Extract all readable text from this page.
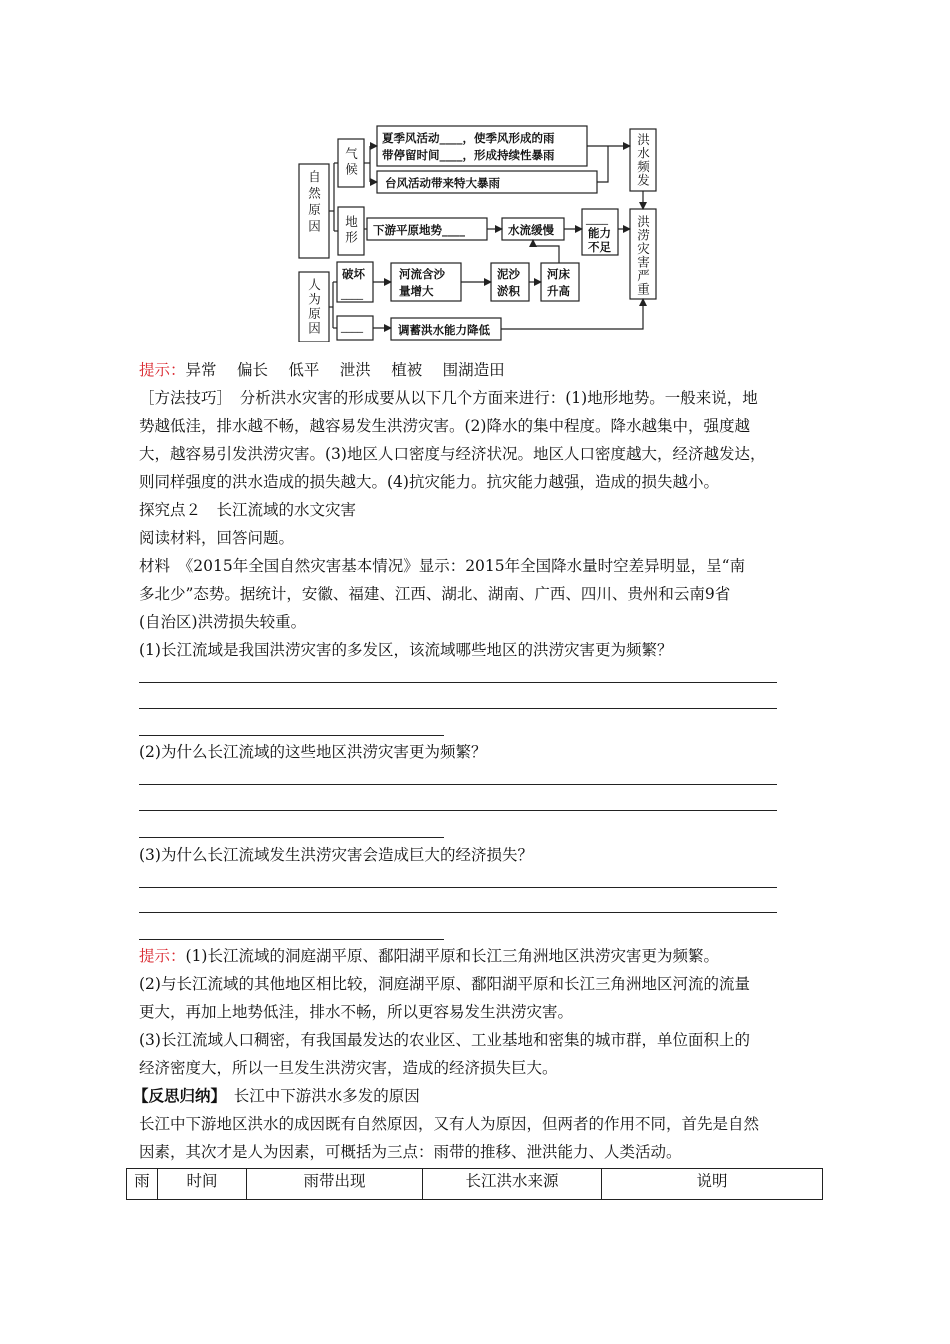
自然原因
人为原因
气候
地形
洪水频发
洪涝灾害严重
夏季风活动____，使季风形成的雨
带停留时间____，形成持续性暴雨
台风活动带来特大暴雨
下游平原地势____	水流缓慢
____
能力
不足
破坏
____
河流含沙
量增大
泥沙
淤积
河床
升高
____	调蓄洪水能力降低
提示：异常　 偏长　 低平　 泄洪　 植被　 围湖造田
［方法技巧］　分析洪水灾害的形成要从以下几个方面来进行：(1)地形地势。一般来说，地
势越低洼，排水越不畅，越容易发生洪涝灾害。(2)降水的集中程度。降水越集中，强度越
大，越容易引发洪涝灾害。(3)地区人口密度与经济状况。地区人口密度越大，经济越发达，
则同样强度的洪水造成的损失越大。(4)抗灾能力。抗灾能力越强，造成的损失越小。
探究点２　长江流域的水文灾害
阅读材料，回答问题。
材料　《2015年全国自然灾害基本情况》显示：2015年全国降水量时空差异明显，呈“南
多北少”态势。据统计，安徽、福建、江西、湖北、湖南、广西、四川、贵州和云南9省
(自治区)洪涝损失较重。
(1)长江流域是我国洪涝灾害的多发区，该流域哪些地区的洪涝灾害更为频繁？
(2)为什么长江流域的这些地区洪涝灾害更为频繁？
(3)为什么长江流域发生洪涝灾害会造成巨大的经济损失？
提示：(1)长江流域的洞庭湖平原、鄱阳湖平原和长江三角洲地区洪涝灾害更为频繁。
(2)与长江流域的其他地区相比较，洞庭湖平原、鄱阳湖平原和长江三角洲地区河流的流量
更大，再加上地势低洼，排水不畅，所以更容易发生洪涝灾害。
(3)长江流域人口稠密，有我国最发达的农业区、工业基地和密集的城市群，单位面积上的
经济密度大，所以一旦发生洪涝灾害，造成的经济损失巨大。
【反思归纳】　长江中下游洪水多发的原因
长江中下游地区洪水的成因既有自然原因，又有人为原因，但两者的作用不同，首先是自然
因素，其次才是人为因素，可概括为三点：雨带的推移、泄洪能力、人类活动。
雨	时间	雨带出现	长江洪水来源	说明
